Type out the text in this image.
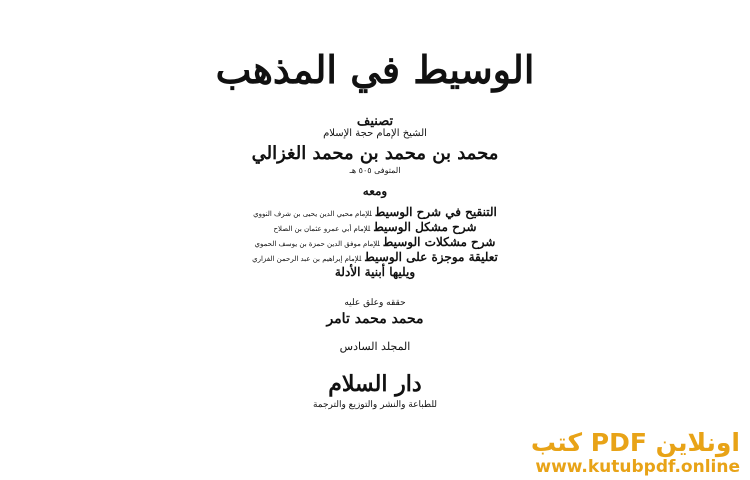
الوسيط في المذهب
تصنيف
الشيخ الإمام حجة الإسلام
محمد بن محمد بن محمد الغزالي
المتوفى ٥٠٥ هـ
ومعه
التنقيح في شرح الوسيطللإمام محيي الدين يحيى بن شرف النووي
شرح مشكل الوسيطللإمام أبي عمرو عثمان بن الصلاح
شرح مشكلات الوسيطللإمام موفق الدين حمزة بن يوسف الحموي
تعليقة موجزة على الوسيطللإمام إبراهيم بن عبد الرحمن الفزاري
ويليها أبنية الأدلة
حققه وعلق عليه
محمد محمد تامر
المجلد السادس
دار السلام
للطباعة والنشر والتوزيع والترجمة
كتب PDF اونلاين
www.kutubpdf.online
